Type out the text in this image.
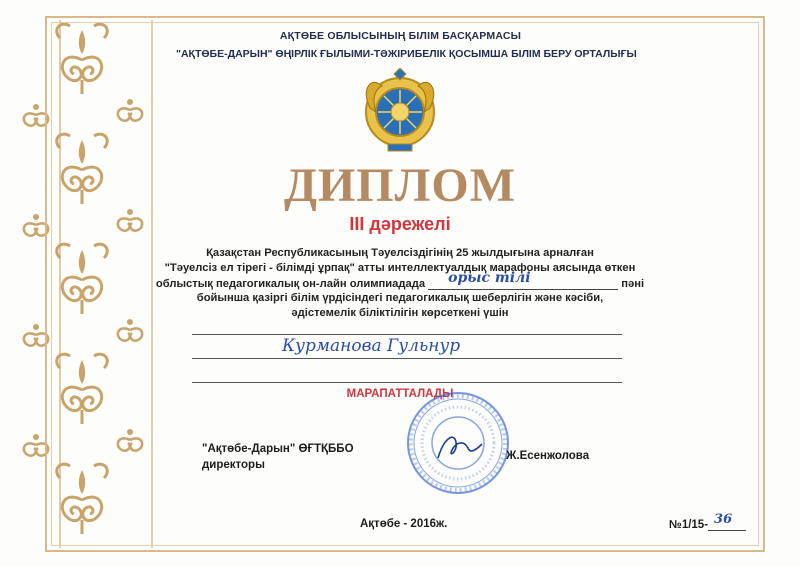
АҚТӨБЕ ОБЛЫСЫНЫҢ БІЛІМ БАСҚАРМАСЫ
"АҚТӨБЕ-ДАРЫН" ӨҢІРЛІК ҒЫЛЫМИ-ТӘЖІРИБЕЛІК ҚОСЫМША БІЛІМ БЕРУ ОРТАЛЫҒЫ
ДИПЛОМ
ІІІ дәрежелі
Қазақстан Республикасының Тәуелсіздігінің 25 жылдығына арналған
"Тәуелсіз ел тірегі - білімді ұрпақ" атты интеллектуалдық марафоны аясында өткен
облыстық педагогикалық он-лайн олимпиадада орыс тілі	пәні
бойынша қазіргі білім үрдісіндегі педагогикалық шеберлігін және кәсіби,
әдістемелік біліктілігін көрсеткені үшін
Курманова Гульнур
МАРАПАТТАЛАДЫ
"Ақтөбе-Дарын" ӨҒТҚББО
директоры
Ж.Есенжолова
Ақтөбе - 2016ж.	№1/15- 36
